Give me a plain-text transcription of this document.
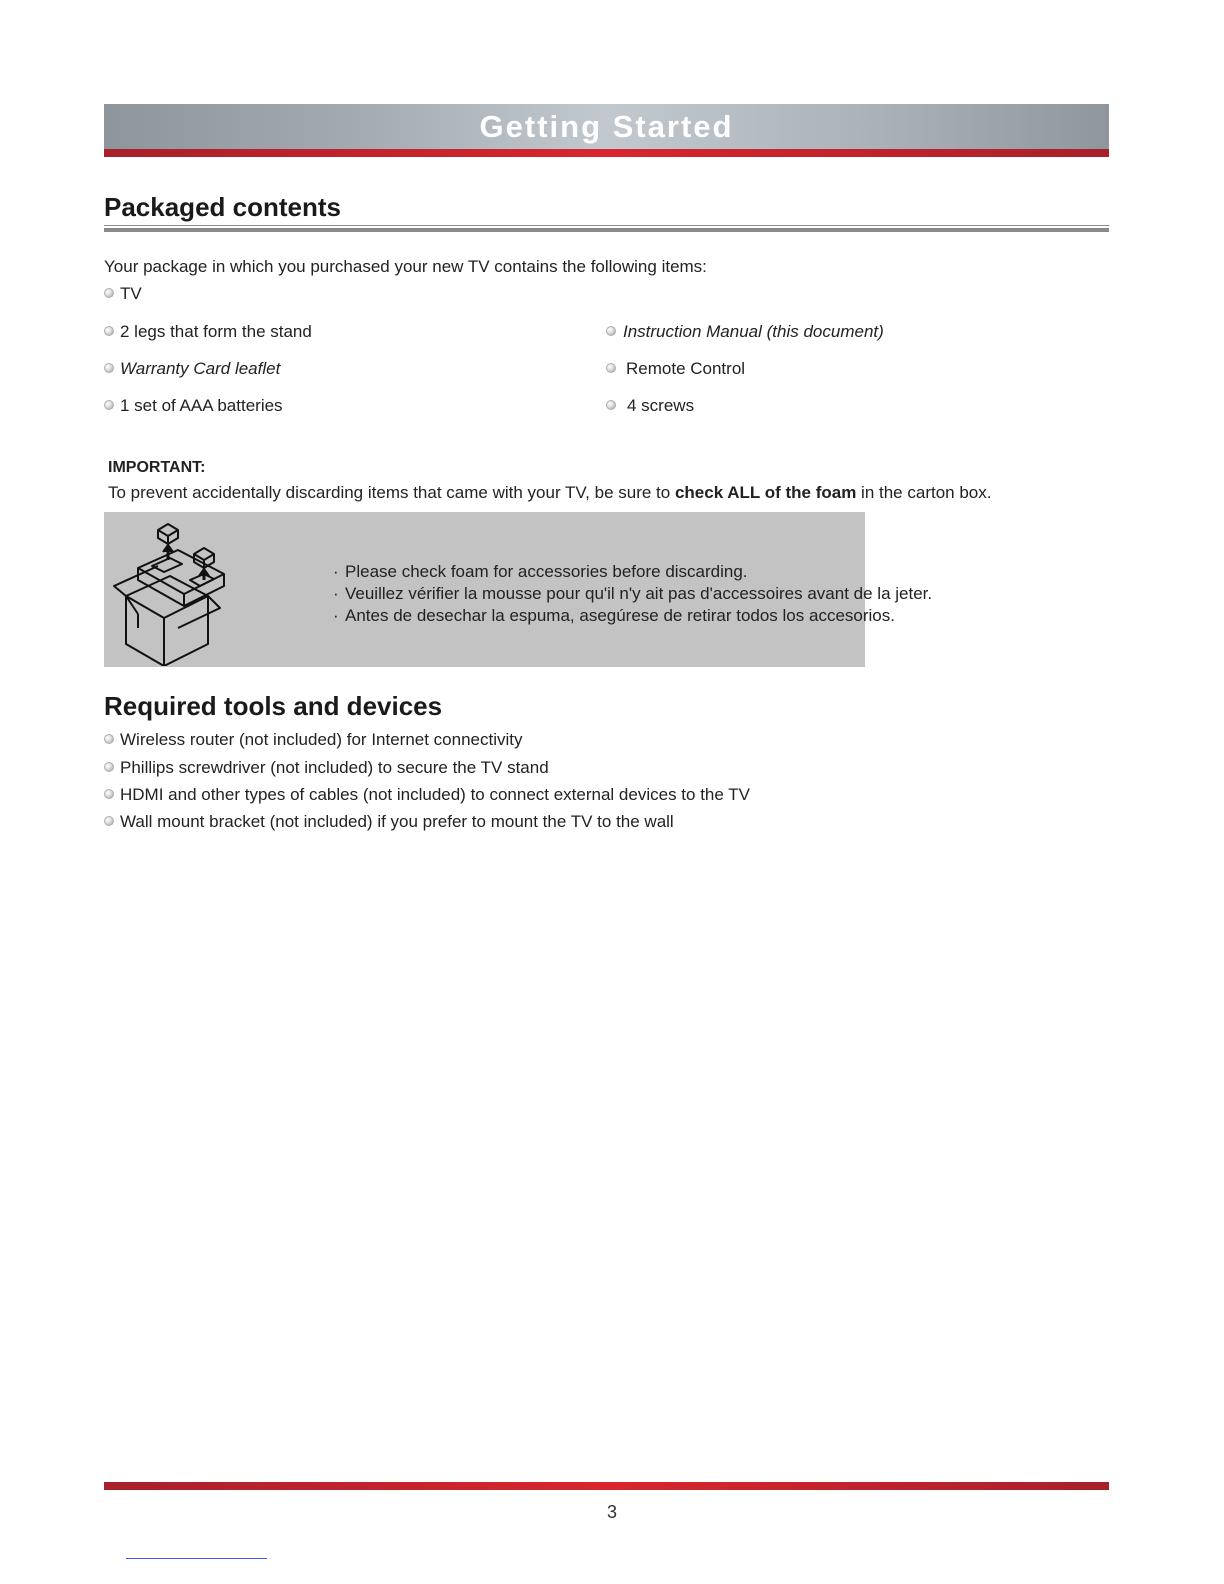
Getting Started
Packaged contents
Your package in which you purchased your new TV contains the following items:
TV
2 legs that form the stand	Instruction Manual (this document)
Warranty Card leaflet	Remote Control
1 set of AAA batteries	4 screws
IMPORTANT:
To prevent accidentally discarding items that came with your TV, be sure to check ALL of the foam in the carton box.
· Please check foam for accessories before discarding.
· Veuillez vérifier la mousse pour qu'il n'y ait pas d'accessoires avant de la jeter.
· Antes de desechar la espuma, asegúrese de retirar todos los accesorios.
Required tools and devices
Wireless router (not included) for Internet connectivity
Phillips screwdriver (not included) to secure the TV stand
HDMI and other types of cables (not included) to connect external devices to the TV
Wall mount bracket (not included) if you prefer to mount the TV to the wall
3
